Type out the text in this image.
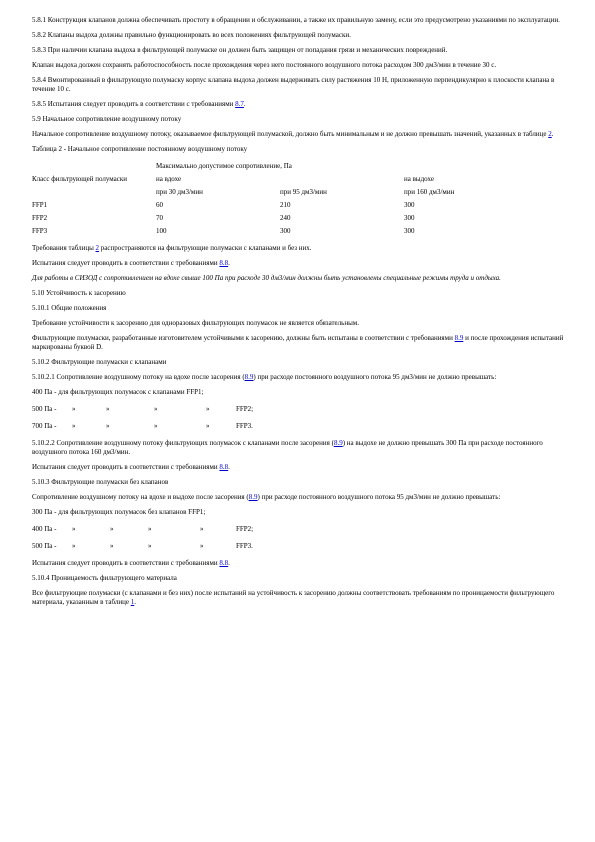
5.8.1 Конструкция клапанов должна обеспечивать простоту в обращении и обслуживании, а также их правильную замену, если это предусмотрено указаниями по эксплуатации.

5.8.2 Клапаны выдоха должны правильно функционировать во всех положениях фильтрующей полумаски.

5.8.3 При наличии клапана выдоха в фильтрующей полумаске он должен быть защищен от попадания грязи и механических повреждений.

Клапан выдоха должен сохранять работоспособность после прохождения через него постоянного воздушного потока расходом 300 дм3/мин в течение 30 с.

5.8.4 Вмонтированный в фильтрующую полумаску корпус клапана выдоха должен выдерживать силу растяжения 10 Н, приложенную перпендикулярно к плоскости клапана в течение 10 с.

5.8.5 Испытания следует проводить в соответствии с требованиями 8.7.

5.9 Начальное сопротивление воздушному потоку

Начальное сопротивление воздушному потоку, оказываемое фильтрующей полумаской, должно быть минимальным и не должно превышать значений, указанных в таблице 2.

Таблица 2 - Начальное сопротивление постоянному воздушному потоку

	Максимально допустимое сопротивление, Па		
Класс фильтрующей полумаски	на вдохе		на выдохе
	при 30 дм3/мин	при 95 дм3/мин	при 160 дм3/мин
FFP1	60	210	300
FFP2	70	240	300
FFP3	100	300	300

Требования таблицы 2 распространяются на фильтрующие полумаски с клапанами и без них.

Испытания следует проводить в соответствии с требованиями 8.8.

Для работы в СИЗОД с сопротивлением на вдохе свыше 100 Па при расходе 30 дм3/мин должны быть установлены специальные режимы труда и отдыха.

5.10 Устойчивость к засорению

5.10.1 Общие положения

Требование устойчивости к засорению для одноразовых фильтрующих полумасок не является обязательным.

Фильтрующие полумаски, разработанные изготовителем устойчивыми к засорению, должны быть испытаны в соответствии с требованиями 8.9 и после прохождения испытаний маркированы буквой D.

5.10.2 Фильтрующие полумаски с клапанами

5.10.2.1 Сопротивление воздушному потоку на вдохе после засорения (8.9) при расходе постоянного воздушного потока 95 дм3/мин не должно превышать:

400 Па - для фильтрующих полумасок с клапанами FFP1;

500 Па -	»	»	»	»	FFP2;
700 Па -	»	»	»	»	FFP3.

5.10.2.2 Сопротивление воздушному потоку фильтрующих полумасок с клапанами после засорения (8.9) на выдохе не должно превышать 300 Па при расходе постоянного воздушного потока 160 дм3/мин.

Испытания следует проводить в соответствии с требованиями 8.8.

5.10.3 Фильтрующие полумаски без клапанов

Сопротивление воздушному потоку на вдохе и выдохе после засорения (8.9) при расходе постоянного воздушного потока 95 дм3/мин не должно превышать:

300 Па - для фильтрующих полумасок без клапанов FFP1;

400 Па -	»	»	»	»	FFP2;
500 Па -	»	»	»	»	FFP3.

Испытания следует проводить в соответствии с требованиями 8.8.

5.10.4 Проницаемость фильтрующего материала

Все фильтрующие полумаски (с клапанами и без них) после испытаний на устойчивость к засорению должны соответствовать требованиям по проницаемости фильтрующего материала, указанным в таблице 1.
